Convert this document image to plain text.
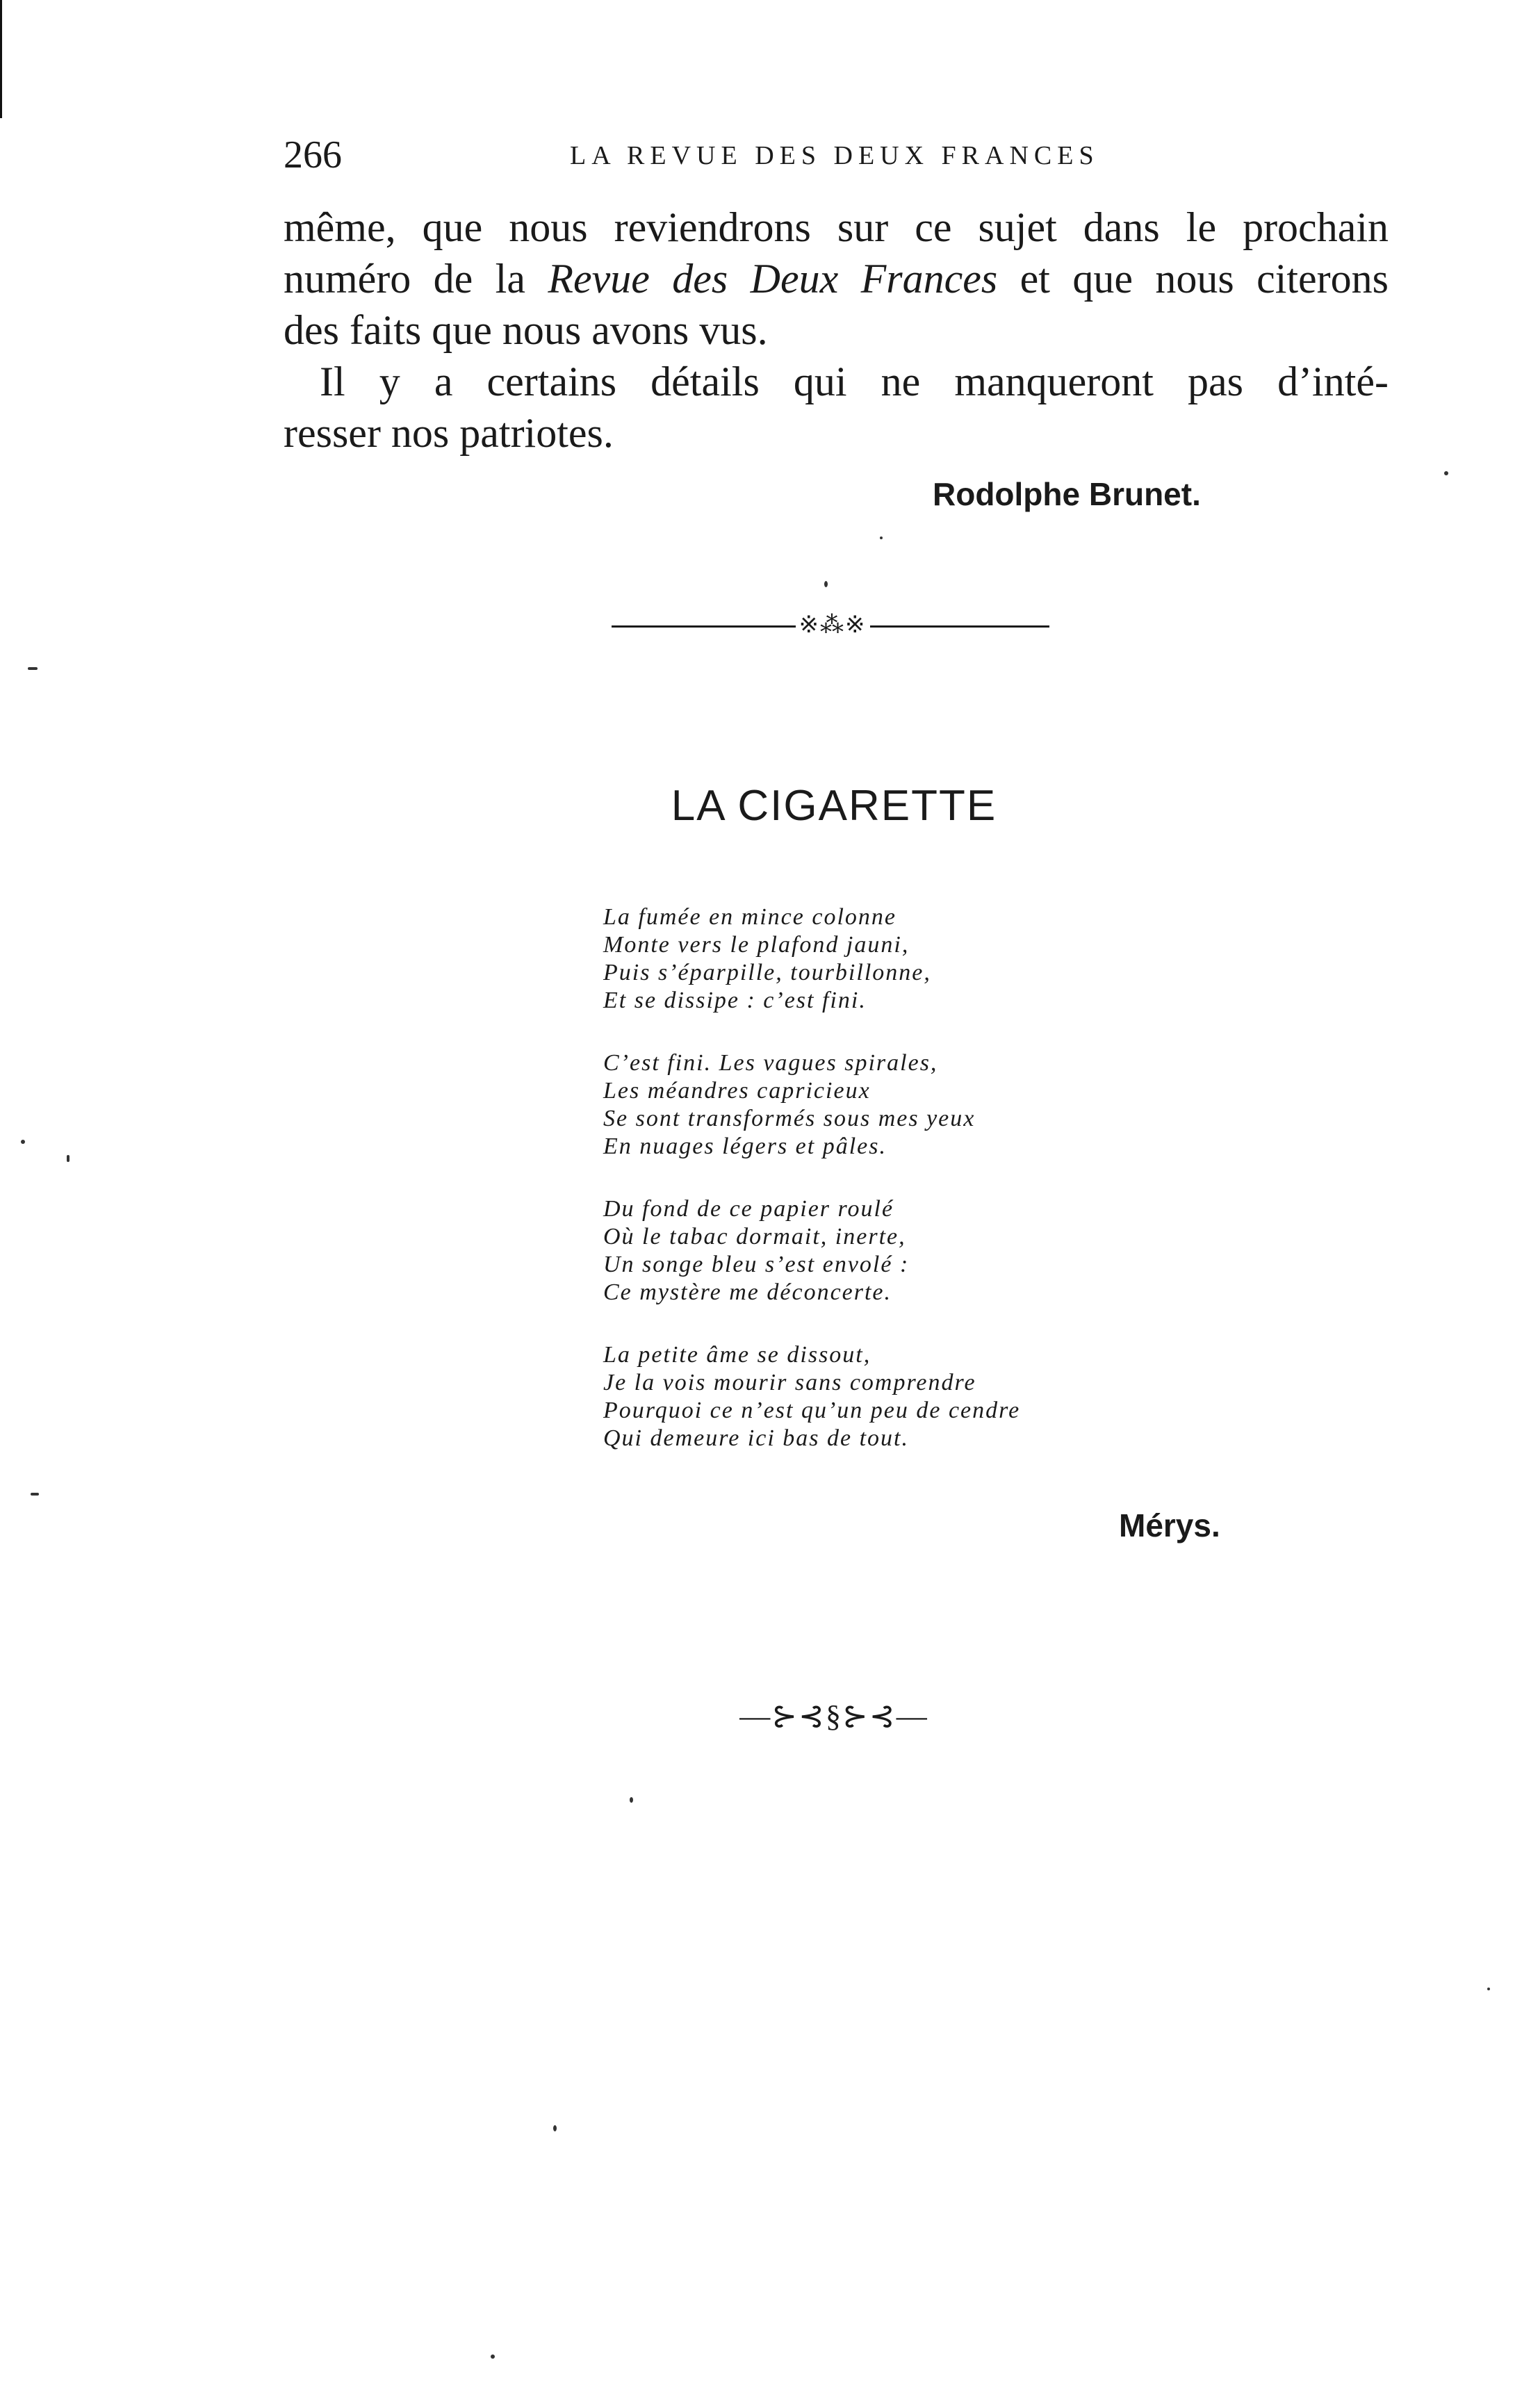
266	LA REVUE DES DEUX FRANCES
même, que nous reviendrons sur ce sujet dans le prochain
numéro de la Revue des Deux Frances et que nous citerons
des faits que nous avons vus.
Il y a certains détails qui ne manqueront pas d’inté-
resser nos patriotes.
Rodolphe Brunet.
※⁂※
LA CIGARETTE
La fumée en mince colonne
Monte vers le plafond jauni,
Puis s’éparpille, tourbillonne,
Et se dissipe : c’est fini.
C’est fini. Les vagues spirales,
Les méandres capricieux
Se sont transformés sous mes yeux
En nuages légers et pâles.
Du fond de ce papier roulé
Où le tabac dormait, inerte,
Un songe bleu s’est envolé :
Ce mystère me déconcerte.
La petite âme se dissout,
Je la vois mourir sans comprendre
Pourquoi ce n’est qu’un peu de cendre
Qui demeure ici bas de tout.
Mérys.
—⊱⊰§⊱⊰—
